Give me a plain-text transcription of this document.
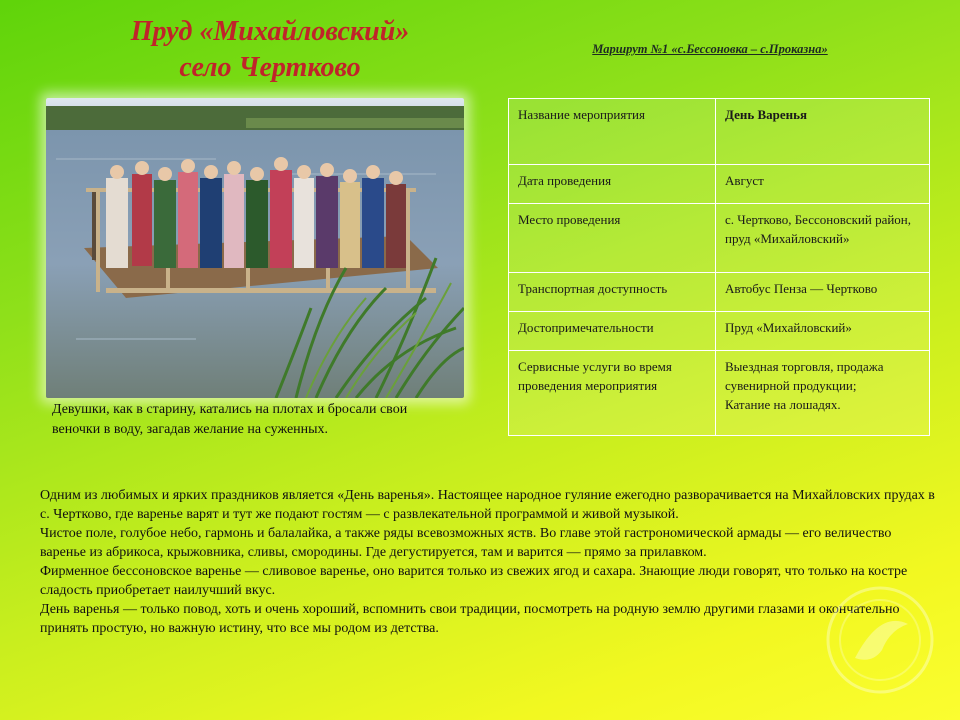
Пруд «Михайловский»
село Чертково
Маршрут №1 «с.Бессоновка – с.Проказна»
Девушки, как в старину, катались на плотах и бросали свои веночки в воду, загадав желание на суженных.
Название мероприятия	День Варенья
Дата проведения	Август
Место проведения	с. Чертково, Бессоновский район, пруд «Михайловский»
Транспортная доступность	Автобус Пенза — Чертково
Достопримечательности	Пруд «Михайловский»
Сервисные услуги во время проведения мероприятия	Выездная торговля, продажа сувенирной продукции;
Катание на лошадях.

Одним из любимых и ярких праздников является «День варенья». Настоящее народное гуляние ежегодно разворачивается на Михайловских прудах в с. Чертково, где варенье варят и тут же подают гостям — с развлекательной программой и живой музыкой.

Чистое поле, голубое небо, гармонь и балалайка, а также ряды всевозможных яств. Во главе этой гастрономической армады — его величество варенье из абрикоса, крыжовника, сливы, смородины. Где дегустируется, там и варится — прямо за прилавком.

Фирменное бессоновское варенье — сливовое варенье, оно варится только из свежих ягод и сахара. Знающие люди говорят, что только на костре сладость приобретает наилучший вкус.

День варенья — только повод, хоть и очень хороший, вспомнить свои традиции, посмотреть на родную землю другими глазами и окончательно принять простую, но важную истину, что все мы родом из детства.
